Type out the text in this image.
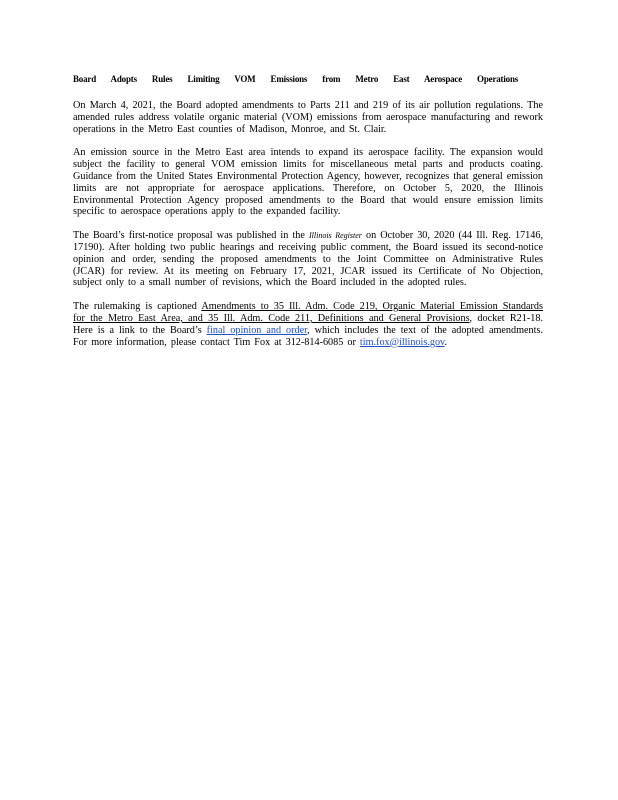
Board Adopts Rules Limiting VOM Emissions from Metro East Aerospace Operations

On March 4, 2021, the Board adopted amendments to Parts 211 and 219 of its air pollution regulations. The amended rules address volatile organic material (VOM) emissions from aerospace manufacturing and rework operations in the Metro East counties of Madison, Monroe, and St. Clair.

An emission source in the Metro East area intends to expand its aerospace facility. The expansion would subject the facility to general VOM emission limits for miscellaneous metal parts and products coating. Guidance from the United States Environmental Protection Agency, however, recognizes that general emission limits are not appropriate for aerospace applications. Therefore, on October 5, 2020, the Illinois Environmental Protection Agency proposed amendments to the Board that would ensure emission limits specific to aerospace operations apply to the expanded facility.

The Board’s first-notice proposal was published in the Illinois Register on October 30, 2020 (44 Ill. Reg. 17146, 17190). After holding two public hearings and receiving public comment, the Board issued its second-notice opinion and order, sending the proposed amendments to the Joint Committee on Administrative Rules (JCAR) for review. At its meeting on February 17, 2021, JCAR issued its Certificate of No Objection, subject only to a small number of revisions, which the Board included in the adopted rules.

The rulemaking is captioned Amendments to 35 Ill. Adm. Code 219, Organic Material Emission Standards for the Metro East Area, and 35 Ill. Adm. Code 211, Definitions and General Provisions, docket R21-18. Here is a link to the Board’s final opinion and order, which includes the text of the adopted amendments. For more information, please contact Tim Fox at 312-814-6085 or tim.fox@illinois.gov.
